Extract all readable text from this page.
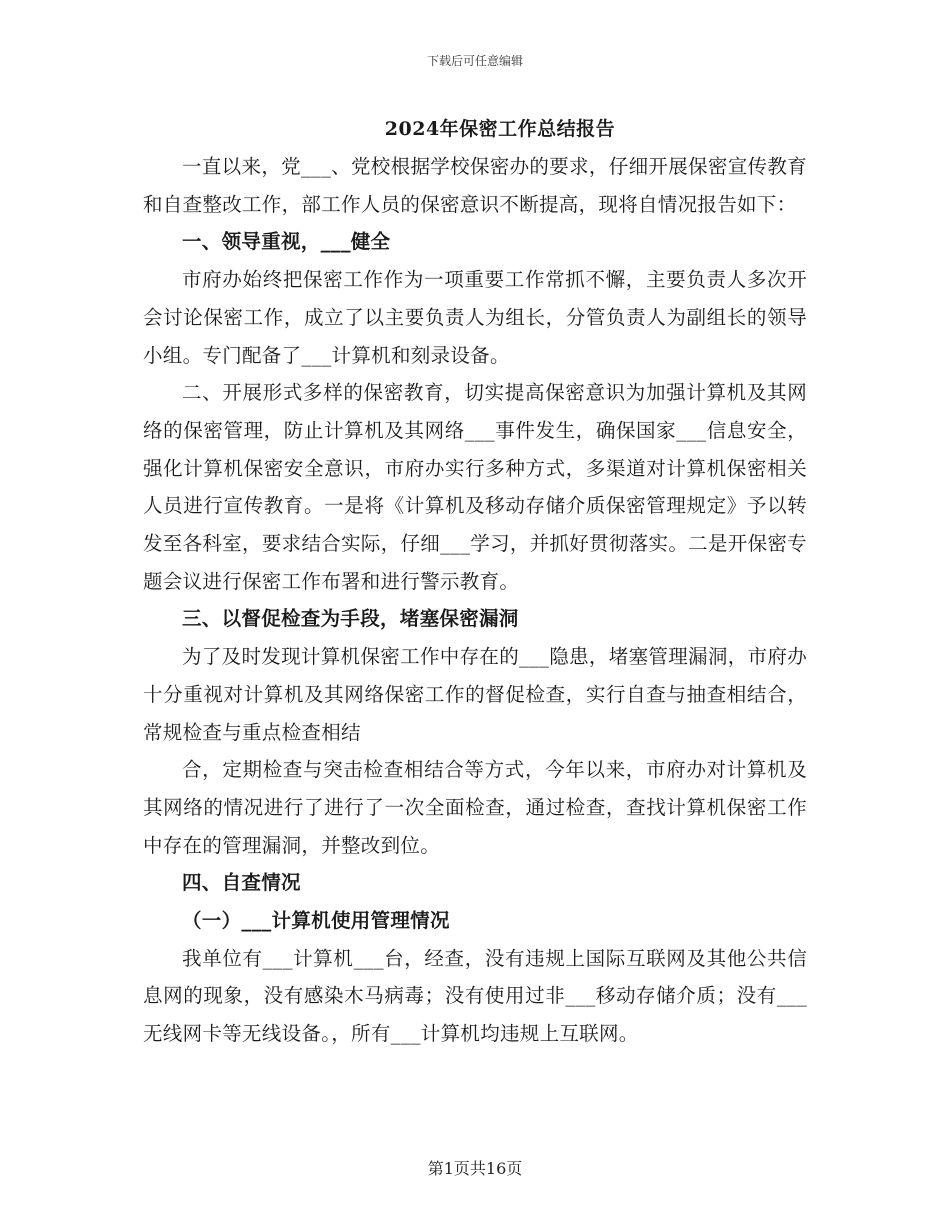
下载后可任意编辑
2024年保密工作总结报告

一直以来，党___、党校根据学校保密办的要求，仔细开展保密宣传教育和自查整改工作，部工作人员的保密意识不断提高，现将自情况报告如下：

一、领导重视，___健全

市府办始终把保密工作作为一项重要工作常抓不懈，主要负责人多次开会讨论保密工作，成立了以主要负责人为组长，分管负责人为副组长的领导小组。专门配备了___计算机和刻录设备。

二、开展形式多样的保密教育，切实提高保密意识为加强计算机及其网络的保密管理，防止计算机及其网络___事件发生，确保国家___信息安全，强化计算机保密安全意识，市府办实行多种方式，多渠道对计算机保密相关人员进行宣传教育。一是将《计算机及移动存储介质保密管理规定》予以转发至各科室，要求结合实际，仔细___学习，并抓好贯彻落实。二是开保密专题会议进行保密工作布署和进行警示教育。

三、以督促检查为手段，堵塞保密漏洞

为了及时发现计算机保密工作中存在的___隐患，堵塞管理漏洞，市府办十分重视对计算机及其网络保密工作的督促检查，实行自查与抽查相结合，常规检查与重点检查相结

合，定期检查与突击检查相结合等方式，今年以来，市府办对计算机及其网络的情况进行了进行了一次全面检查，通过检查，查找计算机保密工作中存在的管理漏洞，并整改到位。

四、自查情况

（一）___计算机使用管理情况

我单位有___计算机___台，经查，没有违规上国际互联网及其他公共信息网的现象，没有感染木马病毒；没有使用过非___移动存储介质；没有___无线网卡等无线设备。，所有___计算机均违规上互联网。

第1页共16页
